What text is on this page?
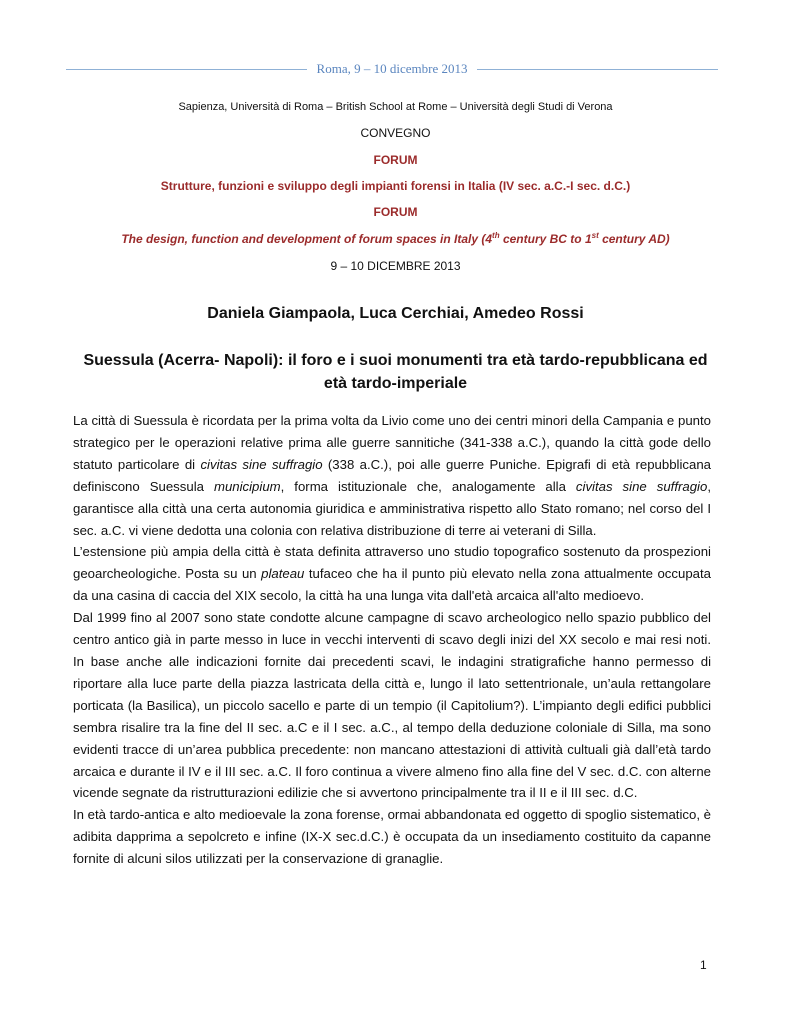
Roma, 9 – 10 dicembre 2013
Sapienza, Università di Roma – British School at Rome – Università degli Studi di Verona
CONVEGNO
FORUM
Strutture, funzioni e sviluppo degli impianti forensi in Italia (IV sec. a.C.-I sec. d.C.)
FORUM
The design, function and development of forum spaces in Italy (4th century BC to 1st century AD)
9 – 10 DICEMBRE 2013
Daniela Giampaola, Luca Cerchiai, Amedeo Rossi
Suessula (Acerra- Napoli): il foro e i suoi monumenti tra età tardo-repubblicana ed età tardo-imperiale

La città di Suessula è ricordata per la prima volta da Livio come uno dei centri minori della Campania e punto strategico per le operazioni relative prima alle guerre sannitiche (341-338 a.C.), quando la città gode dello statuto particolare di civitas sine suffragio (338 a.C.), poi alle guerre Puniche. Epigrafi di età repubblicana definiscono Suessula municipium, forma istituzionale che, analogamente alla civitas sine suffragio, garantisce alla città una certa autonomia giuridica e amministrativa rispetto allo Stato romano; nel corso del I sec. a.C. vi viene dedotta una colonia con relativa distribuzione di terre ai veterani di Silla.

L’estensione più ampia della città è stata definita attraverso uno studio topografico sostenuto da prospezioni geoarcheologiche. Posta su un plateau tufaceo che ha il punto più elevato nella zona attualmente occupata da una casina di caccia del XIX secolo, la città ha una lunga vita dall'età arcaica all'alto medioevo.

Dal 1999 fino al 2007 sono state condotte alcune campagne di scavo archeologico nello spazio pubblico del centro antico già in parte messo in luce in vecchi interventi di scavo degli inizi del XX secolo e mai resi noti. In base anche alle indicazioni fornite dai precedenti scavi, le indagini stratigrafiche hanno permesso di riportare alla luce parte della piazza lastricata della città e, lungo il lato settentrionale, un’aula rettangolare porticata (la Basilica), un piccolo sacello e parte di un tempio (il Capitolium?). L’impianto degli edifici pubblici sembra risalire tra la fine del II sec. a.C e il I sec. a.C., al tempo della deduzione coloniale di Silla, ma sono evidenti tracce di un’area pubblica precedente: non mancano attestazioni di attività cultuali già dall’età tardo arcaica e durante il IV e il III sec. a.C. Il foro continua a vivere almeno fino alla fine del V sec. d.C. con alterne vicende segnate da ristrutturazioni edilizie che si avvertono principalmente tra il II e il III sec. d.C.

In età tardo-antica e alto medioevale la zona forense, ormai abbandonata ed oggetto di spoglio sistematico, è adibita dapprima a sepolcreto e infine (IX-X sec.d.C.) è occupata da un insediamento costituito da capanne fornite di alcuni silos utilizzati per la conservazione di granaglie.

1
